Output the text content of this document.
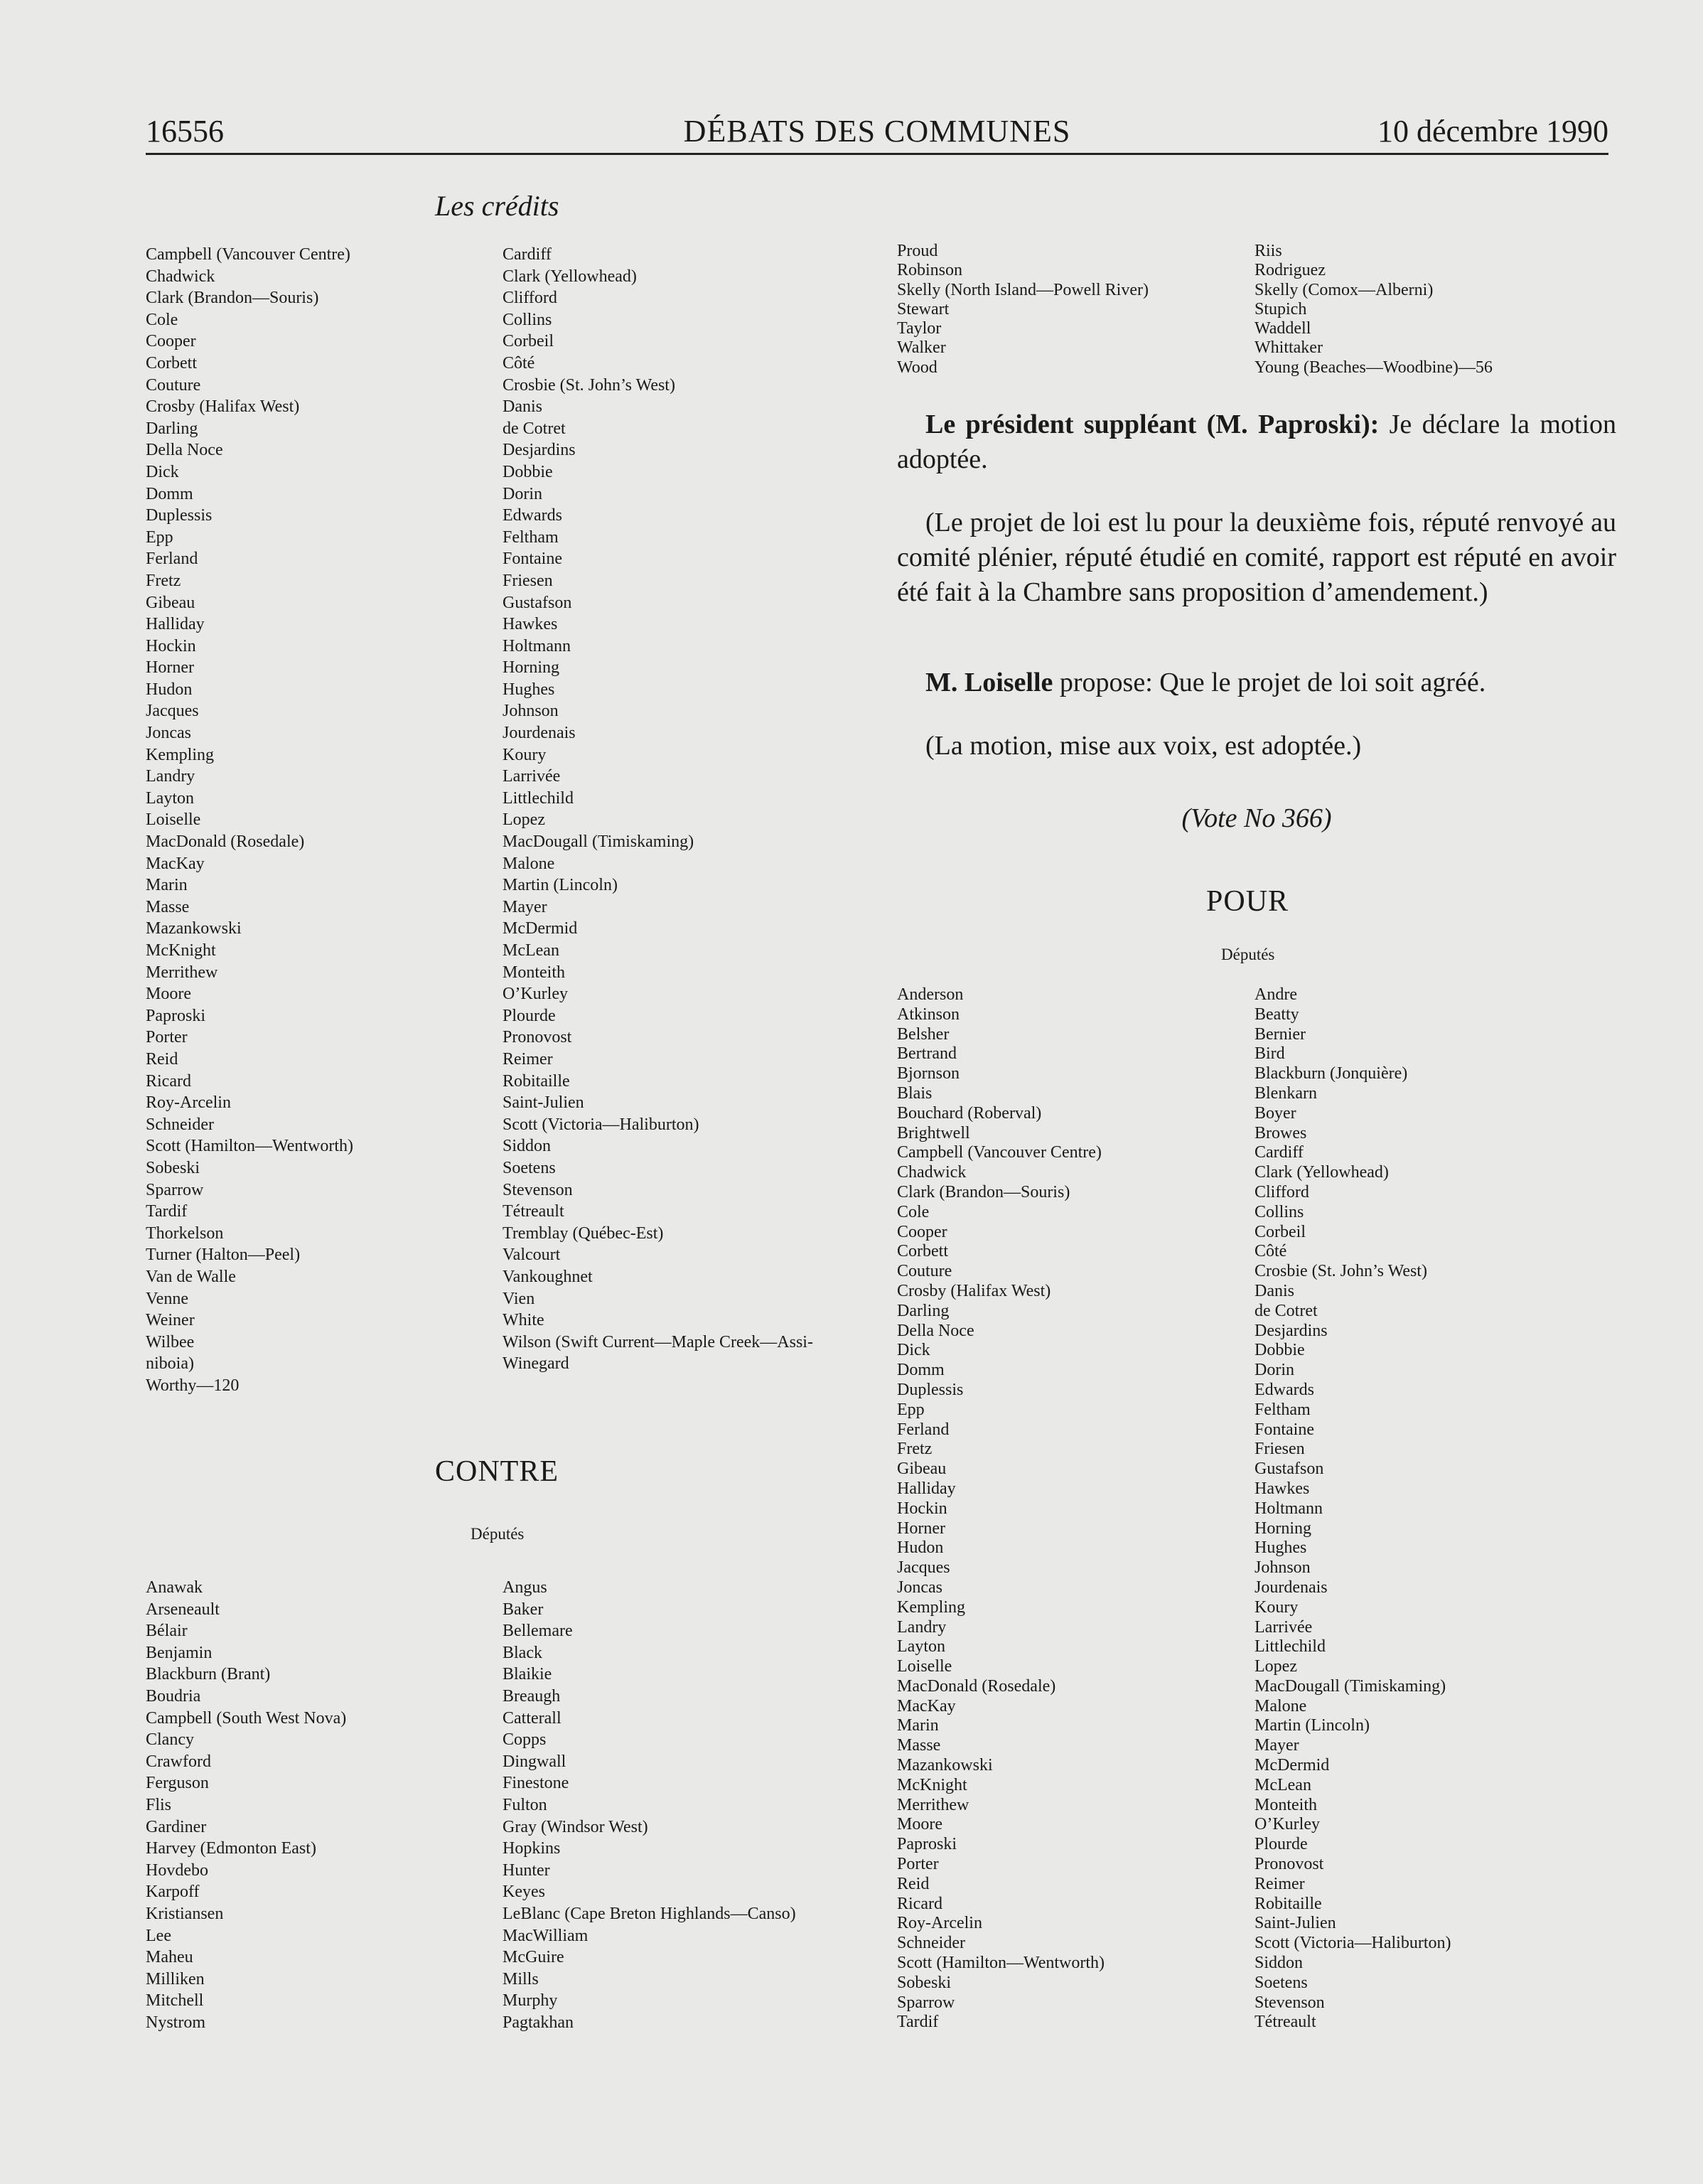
16556	DÉBATS DES COMMUNES	10 décembre 1990
Les crédits
Campbell (Vancouver Centre)
Chadwick
Clark (Brandon—Souris)
Cole
Cooper
Corbett
Couture
Crosby (Halifax West)
Darling
Della Noce
Dick
Domm
Duplessis
Epp
Ferland
Fretz
Gibeau
Halliday
Hockin
Horner
Hudon
Jacques
Joncas
Kempling
Landry
Layton
Loiselle
MacDonald (Rosedale)
MacKay
Marin
Masse
Mazankowski
McKnight
Merrithew
Moore
Paproski
Porter
Reid
Ricard
Roy-Arcelin
Schneider
Scott (Hamilton—Wentworth)
Sobeski
Sparrow
Tardif
Thorkelson
Turner (Halton—Peel)
Van de Walle
Venne
Weiner
Wilbee
niboia)
Worthy—120
Cardiff
Clark (Yellowhead)
Clifford
Collins
Corbeil
Côté
Crosbie (St. John’s West)
Danis
de Cotret
Desjardins
Dobbie
Dorin
Edwards
Feltham
Fontaine
Friesen
Gustafson
Hawkes
Holtmann
Horning
Hughes
Johnson
Jourdenais
Koury
Larrivée
Littlechild
Lopez
MacDougall (Timiskaming)
Malone
Martin (Lincoln)
Mayer
McDermid
McLean
Monteith
O’Kurley
Plourde
Pronovost
Reimer
Robitaille
Saint-Julien
Scott (Victoria—Haliburton)
Siddon
Soetens
Stevenson
Tétreault
Tremblay (Québec-Est)
Valcourt
Vankoughnet
Vien
White
Wilson (Swift Current—Maple Creek—Assi-
Winegard
CONTRE
Députés
Anawak
Arseneault
Bélair
Benjamin
Blackburn (Brant)
Boudria
Campbell (South West Nova)
Clancy
Crawford
Ferguson
Flis
Gardiner
Harvey (Edmonton East)
Hovdebo
Karpoff
Kristiansen
Lee
Maheu
Milliken
Mitchell
Nystrom
Angus
Baker
Bellemare
Black
Blaikie
Breaugh
Catterall
Copps
Dingwall
Finestone
Fulton
Gray (Windsor West)
Hopkins
Hunter
Keyes
LeBlanc (Cape Breton Highlands—Canso)
MacWilliam
McGuire
Mills
Murphy
Pagtakhan
Proud
Robinson
Skelly (North Island—Powell River)
Stewart
Taylor
Walker
Wood
Riis
Rodriguez
Skelly (Comox—Alberni)
Stupich
Waddell
Whittaker
Young (Beaches—Woodbine)—56

Le président suppléant (M. Paproski): Je déclare la motion adoptée.

(Le projet de loi est lu pour la deuxième fois, réputé renvoyé au comité plénier, réputé étudié en comité, rapport est réputé en avoir été fait à la Chambre sans proposition d’amendement.)

M. Loiselle propose: Que le projet de loi soit agréé.

(La motion, mise aux voix, est adoptée.)

(Vote No 366)
POUR
Députés
Anderson
Atkinson
Belsher
Bertrand
Bjornson
Blais
Bouchard (Roberval)
Brightwell
Campbell (Vancouver Centre)
Chadwick
Clark (Brandon—Souris)
Cole
Cooper
Corbett
Couture
Crosby (Halifax West)
Darling
Della Noce
Dick
Domm
Duplessis
Epp
Ferland
Fretz
Gibeau
Halliday
Hockin
Horner
Hudon
Jacques
Joncas
Kempling
Landry
Layton
Loiselle
MacDonald (Rosedale)
MacKay
Marin
Masse
Mazankowski
McKnight
Merrithew
Moore
Paproski
Porter
Reid
Ricard
Roy-Arcelin
Schneider
Scott (Hamilton—Wentworth)
Sobeski
Sparrow
Tardif
Andre
Beatty
Bernier
Bird
Blackburn (Jonquière)
Blenkarn
Boyer
Browes
Cardiff
Clark (Yellowhead)
Clifford
Collins
Corbeil
Côté
Crosbie (St. John’s West)
Danis
de Cotret
Desjardins
Dobbie
Dorin
Edwards
Feltham
Fontaine
Friesen
Gustafson
Hawkes
Holtmann
Horning
Hughes
Johnson
Jourdenais
Koury
Larrivée
Littlechild
Lopez
MacDougall (Timiskaming)
Malone
Martin (Lincoln)
Mayer
McDermid
McLean
Monteith
O’Kurley
Plourde
Pronovost
Reimer
Robitaille
Saint-Julien
Scott (Victoria—Haliburton)
Siddon
Soetens
Stevenson
Tétreault
